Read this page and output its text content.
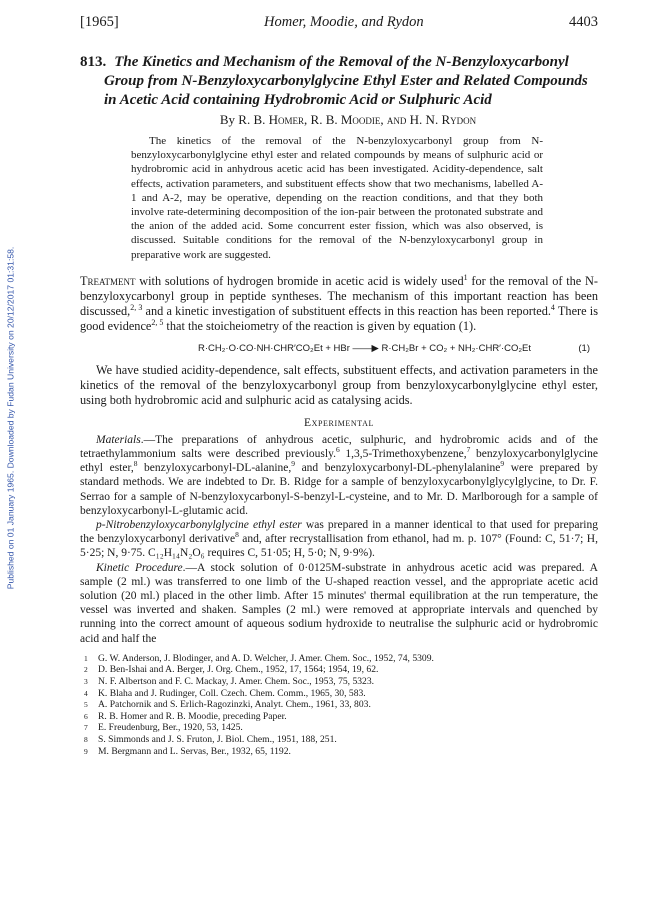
Published on 01 January 1965. Downloaded by Fudan University on 20/12/2017 01:31:58.
[1965]	Homer, Moodie, and Rydon	4403
813. The Kinetics and Mechanism of the Removal of the N-Benzyloxycarbonyl Group from N-Benzyloxycarbonylglycine Ethyl Ester and Related Compounds in Acetic Acid containing Hydrobromic Acid or Sulphuric Acid
By R. B. Homer, R. B. Moodie, and H. N. Rydon

The kinetics of the removal of the N-benzyloxycarbonyl group from N-benzyloxycarbonylglycine ethyl ester and related compounds by means of sulphuric acid or hydrobromic acid in anhydrous acetic acid has been investigated. Acidity-dependence, salt effects, activation parameters, and substituent effects show that two mechanisms, labelled A-1 and A-2, may be operative, depending on the reaction conditions, and that they both involve rate-determining decomposition of the ion-pair between the protonated substrate and the anion of the added acid. Some concurrent ester fission, which was also observed, is discussed. Suitable conditions for the removal of the N-benzyloxycarbonyl group in preparative work are suggested.

Treatment with solutions of hydrogen bromide in acetic acid is widely used$^1$ for the removal of the N-benzyloxycarbonyl group in peptide syntheses. The mechanism of this important reaction has been discussed,$^{2, 3}$ and a kinetic investigation of substituent effects in this reaction has been reported.$^4$ There is good evidence$^{2, 5}$ that the stoicheiometry of the reaction is given by equation (1).

R·CH₂·O·CO·NH·CHR′CO₂Et + HBr ——▶ R·CH₂Br + CO₂ + NH₂·CHR′·CO₂Et	(1)

We have studied acidity-dependence, salt effects, substituent effects, and activation parameters in the kinetics of the removal of the benzyloxycarbonyl group from benzyloxycarbonylglycine ethyl ester, using both hydrobromic acid and sulphuric acid as catalysing acids.

Experimental

Materials.—The preparations of anhydrous acetic, sulphuric, and hydrobromic acids and of the tetraethylammonium salts were described previously.$^6$ 1,3,5-Trimethoxybenzene,$^7$ benzyloxycarbonylglycine ethyl ester,$^8$ benzyloxycarbonyl-DL-alanine,$^9$ and benzyloxycarbonyl-DL-phenylalanine$^9$ were prepared by standard methods. We are indebted to Dr. B. Ridge for a sample of benzyloxycarbonylglycylglycine, to Dr. F. Serrao for a sample of N-benzyloxycarbonyl-S-benzyl-L-cysteine, and to Mr. D. Marlborough for a sample of benzyloxycarbonyl-L-glutamic acid.

p-Nitrobenzyloxycarbonylglycine ethyl ester was prepared in a manner identical to that used for preparing the benzyloxycarbonyl derivative$^8$ and, after recrystallisation from ethanol, had m. p. 107° (Found: C, 51·7; H, 5·25; N, 9·75. C₁₂H₁₄N₂O₆ requires C, 51·05; H, 5·0; N, 9·9%).

Kinetic Procedure.—A stock solution of 0·0125M-substrate in anhydrous acetic acid was prepared. A sample (2 ml.) was transferred to one limb of the U-shaped reaction vessel, and the appropriate acetic acid solution (20 ml.) placed in the other limb. After 15 minutes' thermal equilibration at the run temperature, the vessel was inverted and shaken. Samples (2 ml.) were removed at appropriate intervals and quenched by running into the correct amount of aqueous sodium hydroxide to neutralise the sulphuric acid or hydrobromic acid and half the

1	G. W. Anderson, J. Blodinger, and A. D. Welcher, J. Amer. Chem. Soc., 1952, 74, 5309.
2	D. Ben-Ishai and A. Berger, J. Org. Chem., 1952, 17, 1564; 1954, 19, 62.
3	N. F. Albertson and F. C. Mackay, J. Amer. Chem. Soc., 1953, 75, 5323.
4	K. Blaha and J. Rudinger, Coll. Czech. Chem. Comm., 1965, 30, 583.
5	A. Patchornik and S. Erlich-Ragozinzki, Analyt. Chem., 1961, 33, 803.
6	R. B. Homer and R. B. Moodie, preceding Paper.
7	E. Freudenburg, Ber., 1920, 53, 1425.
8	S. Simmonds and J. S. Fruton, J. Biol. Chem., 1951, 188, 251.
9	M. Bergmann and L. Servas, Ber., 1932, 65, 1192.
